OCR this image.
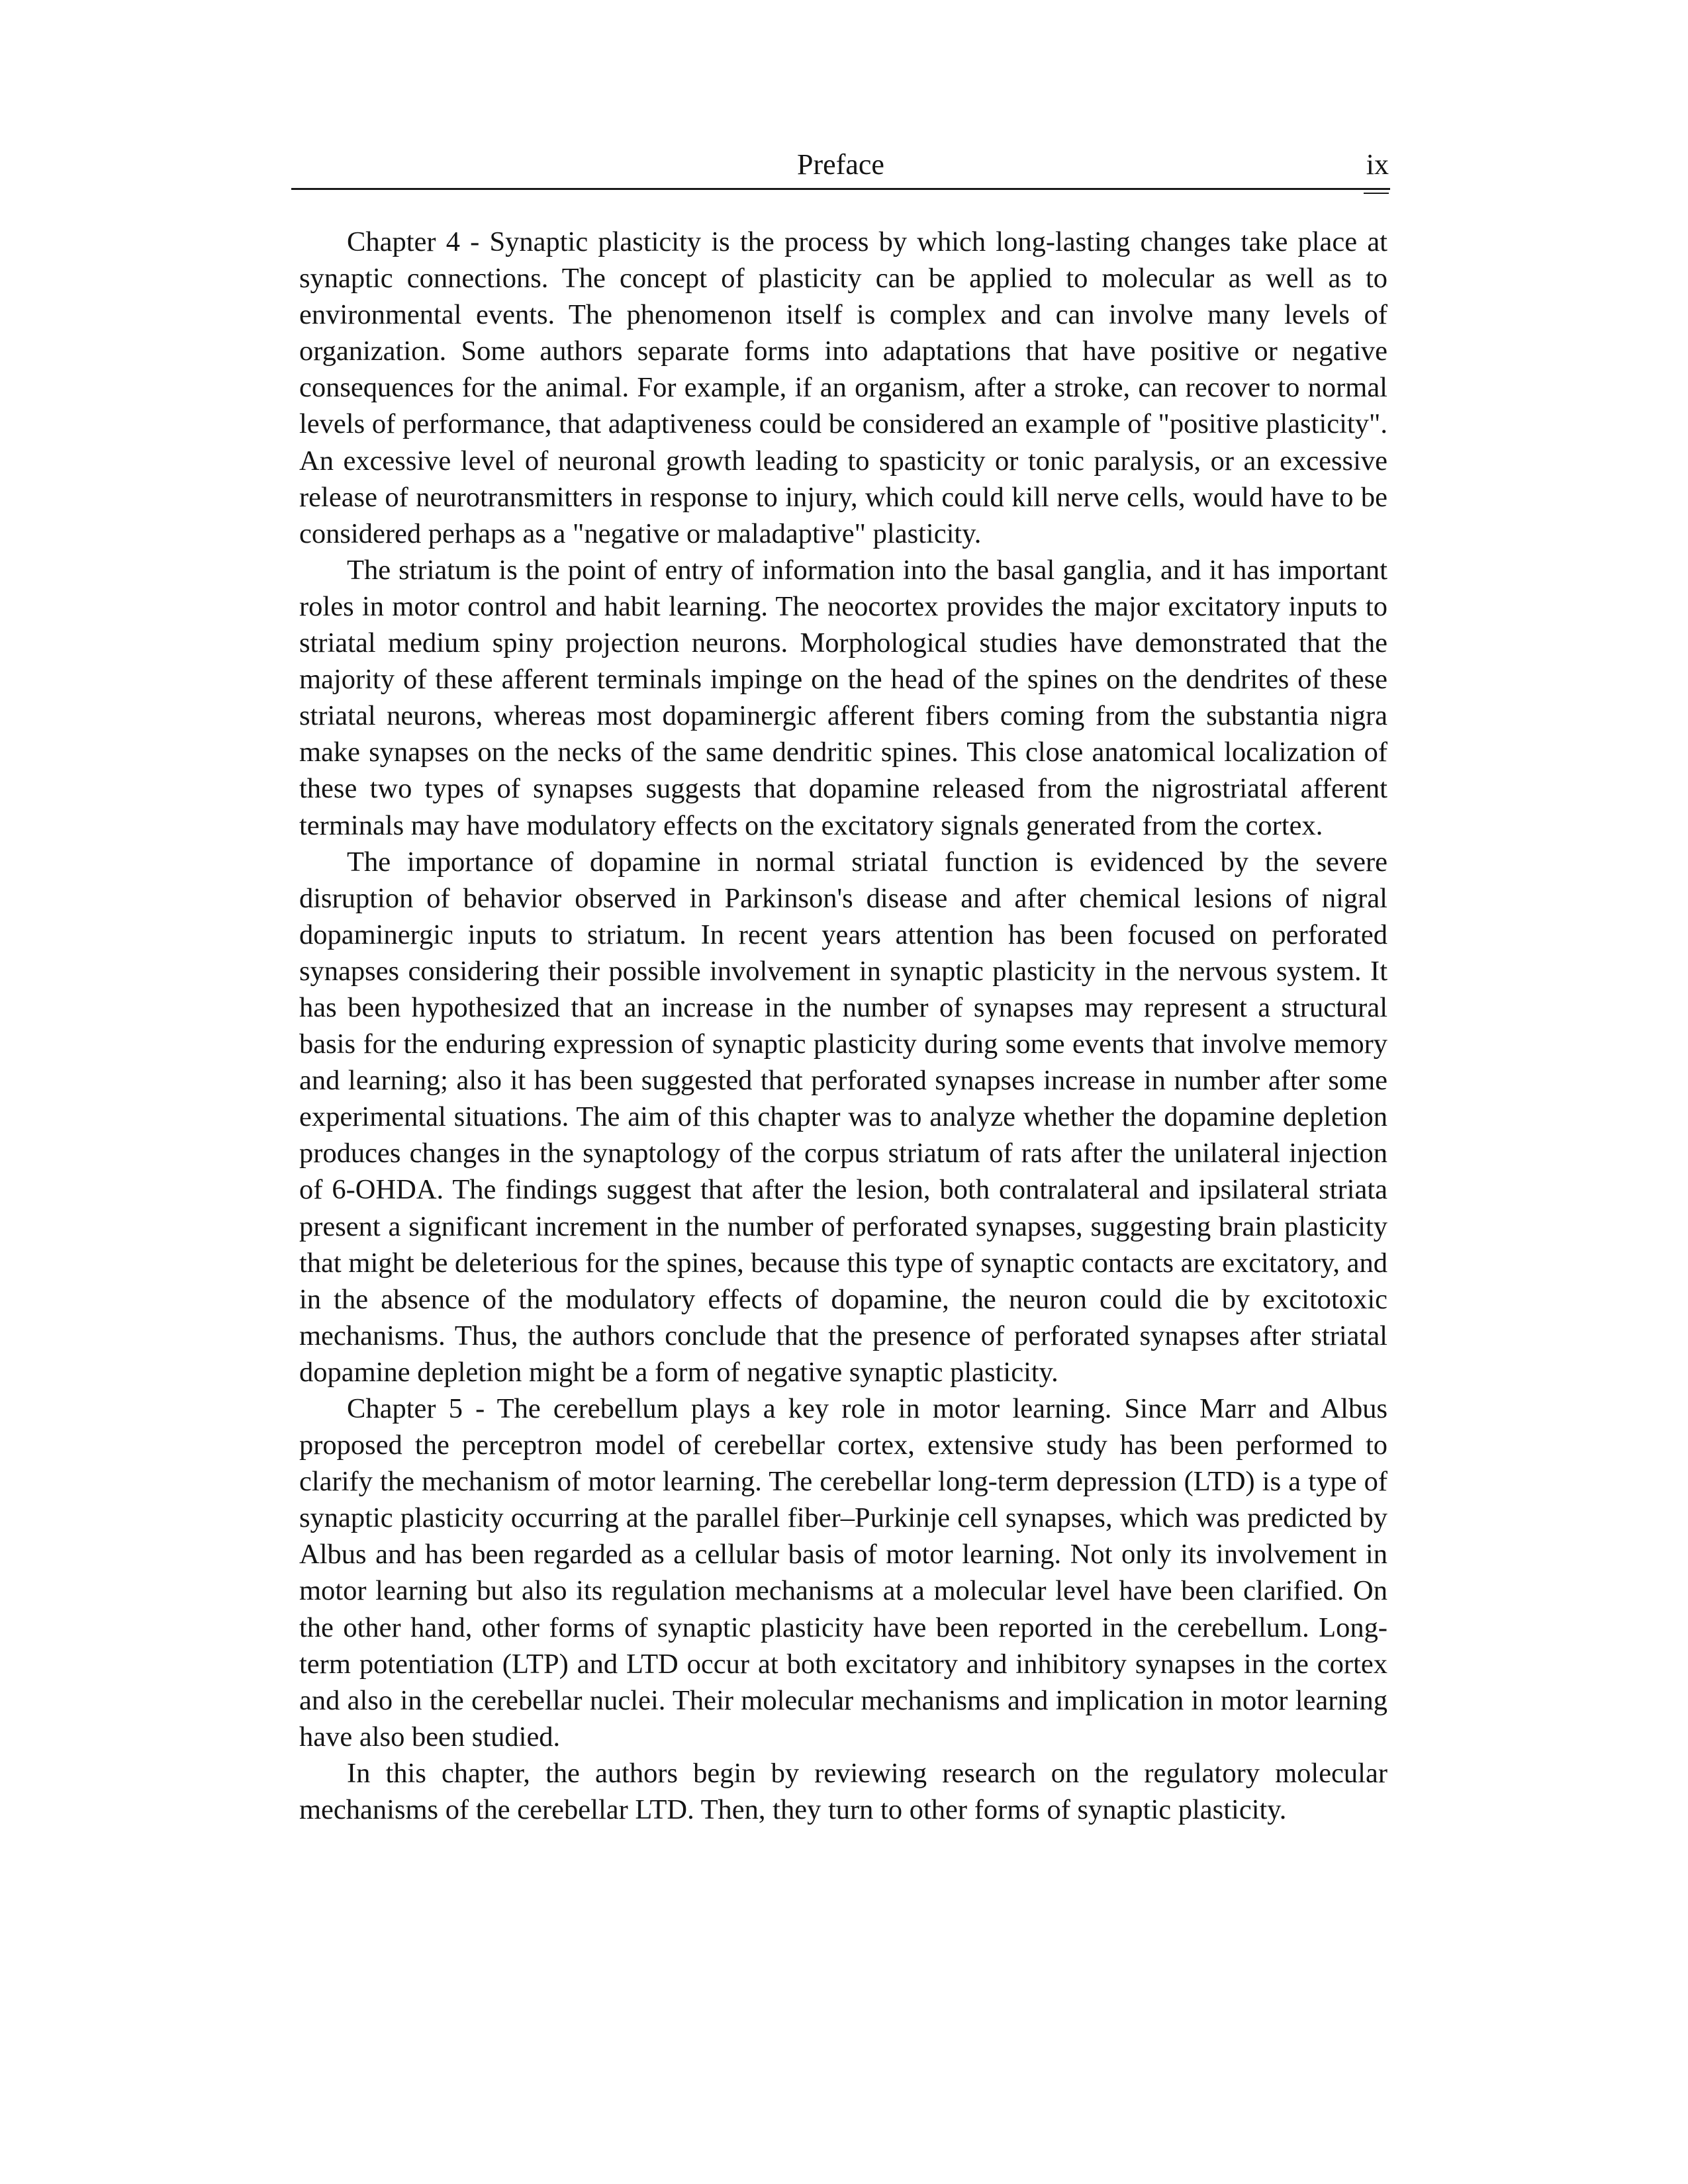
Preface	ix

Chapter 4 - Synaptic plasticity is the process by which long-lasting changes take place at synaptic connections. The concept of plasticity can be applied to molecular as well as to environmental events. The phenomenon itself is complex and can involve many levels of organization. Some authors separate forms into adaptations that have positive or negative consequences for the animal. For example, if an organism, after a stroke, can recover to normal levels of performance, that adaptiveness could be considered an example of "positive plasticity". An excessive level of neuronal growth leading to spasticity or tonic paralysis, or an excessive release of neurotransmitters in response to injury, which could kill nerve cells, would have to be considered perhaps as a "negative or maladaptive" plasticity.

The striatum is the point of entry of information into the basal ganglia, and it has important roles in motor control and habit learning. The neocortex provides the major excitatory inputs to striatal medium spiny projection neurons. Morphological studies have demonstrated that the majority of these afferent terminals impinge on the head of the spines on the dendrites of these striatal neurons, whereas most dopaminergic afferent fibers coming from the substantia nigra make synapses on the necks of the same dendritic spines. This close anatomical localization of these two types of synapses suggests that dopamine released from the nigrostriatal afferent terminals may have modulatory effects on the excitatory signals generated from the cortex.

The importance of dopamine in normal striatal function is evidenced by the severe disruption of behavior observed in Parkinson's disease and after chemical lesions of nigral dopaminergic inputs to striatum. In recent years attention has been focused on perforated synapses considering their possible involvement in synaptic plasticity in the nervous system. It has been hypothesized that an increase in the number of synapses may represent a structural basis for the enduring expression of synaptic plasticity during some events that involve memory and learning; also it has been suggested that perforated synapses increase in number after some experimental situations. The aim of this chapter was to analyze whether the dopamine depletion produces changes in the synaptology of the corpus striatum of rats after the unilateral injection of 6-OHDA. The findings suggest that after the lesion, both contralateral and ipsilateral striata present a significant increment in the number of perforated synapses, suggesting brain plasticity that might be deleterious for the spines, because this type of synaptic contacts are excitatory, and in the absence of the modulatory effects of dopamine, the neuron could die by excitotoxic mechanisms. Thus, the authors conclude that the presence of perforated synapses after striatal dopamine depletion might be a form of negative synaptic plasticity.

Chapter 5 - The cerebellum plays a key role in motor learning. Since Marr and Albus proposed the perceptron model of cerebellar cortex, extensive study has been performed to clarify the mechanism of motor learning. The cerebellar long-term depression (LTD) is a type of synaptic plasticity occurring at the parallel fiber–Purkinje cell synapses, which was predicted by Albus and has been regarded as a cellular basis of motor learning. Not only its involvement in motor learning but also its regulation mechanisms at a molecular level have been clarified. On the other hand, other forms of synaptic plasticity have been reported in the cerebellum. Long-term potentiation (LTP) and LTD occur at both excitatory and inhibitory synapses in the cortex and also in the cerebellar nuclei. Their molecular mechanisms and implication in motor learning have also been studied.

In this chapter, the authors begin by reviewing research on the regulatory molecular mechanisms of the cerebellar LTD. Then, they turn to other forms of synaptic plasticity.
